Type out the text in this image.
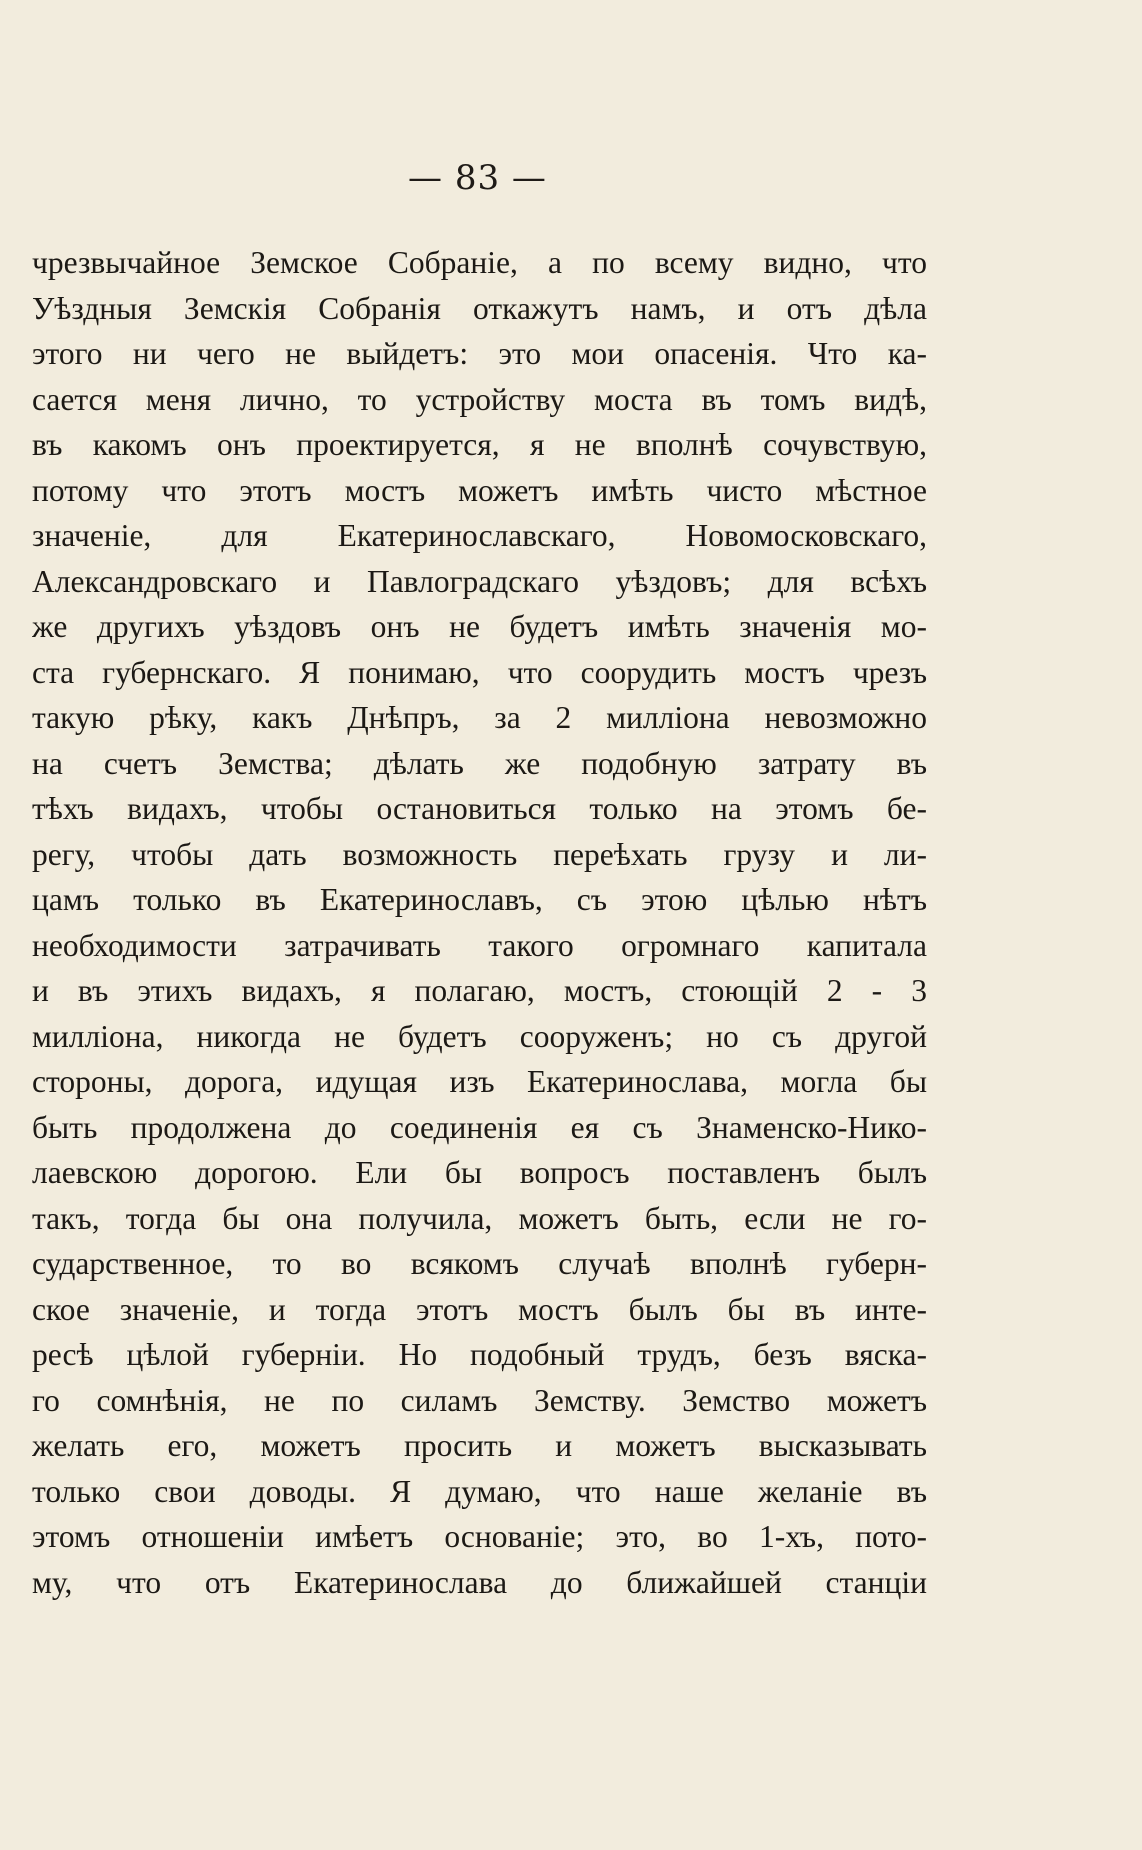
— 83 —
чрезвычайное Земское Собраніе, а по всему видно, что
Уѣздныя Земскія Собранія откажутъ намъ, и отъ дѣла
этого ни чего не выйдетъ: это мои опасенія. Что ка-
сается меня лично, то устройству моста въ томъ видѣ,
въ какомъ онъ проектируется, я не вполнѣ сочувствую,
потому что этотъ мостъ можетъ имѣть чисто мѣстное
значеніе, для Екатеринославскаго, Новомосковскаго,
Александровскаго и Павлоградскаго уѣздовъ; для всѣхъ
же другихъ уѣздовъ онъ не будетъ имѣть значенія мо-
ста губернскаго. Я понимаю, что соорудить мостъ чрезъ
такую рѣку, какъ Днѣпръ, за 2 милліона невозможно
на счетъ Земства; дѣлать же подобную затрату въ
тѣхъ видахъ, чтобы остановиться только на этомъ бе-
регу, чтобы дать возможность переѣхать грузу и ли-
цамъ только въ Екатеринославъ, съ этою цѣлью нѣтъ
необходимости затрачивать такого огромнаго капитала
и въ этихъ видахъ, я полагаю, мостъ, стоющій 2 - 3
милліона, никогда не будетъ сооруженъ; но съ другой
стороны, дорога, идущая изъ Екатеринослава, могла бы
быть продолжена до соединенія ея съ Знаменско-Нико-
лаевскою дорогою. Ели бы вопросъ поставленъ былъ
такъ, тогда бы она получила, можетъ быть, если не го-
сударственное, то во всякомъ случаѣ вполнѣ губерн-
ское значеніе, и тогда этотъ мостъ былъ бы въ инте-
ресѣ цѣлой губерніи. Но подобный трудъ, безъ вяска-
го сомнѣнія, не по силамъ Земству. Земство можетъ
желать его, можетъ просить и можетъ высказывать
только свои доводы. Я думаю, что наше желаніе въ
этомъ отношеніи имѣетъ основаніе; это, во 1-хъ, пото-
му, что отъ Екатеринослава до ближайшей станціи
